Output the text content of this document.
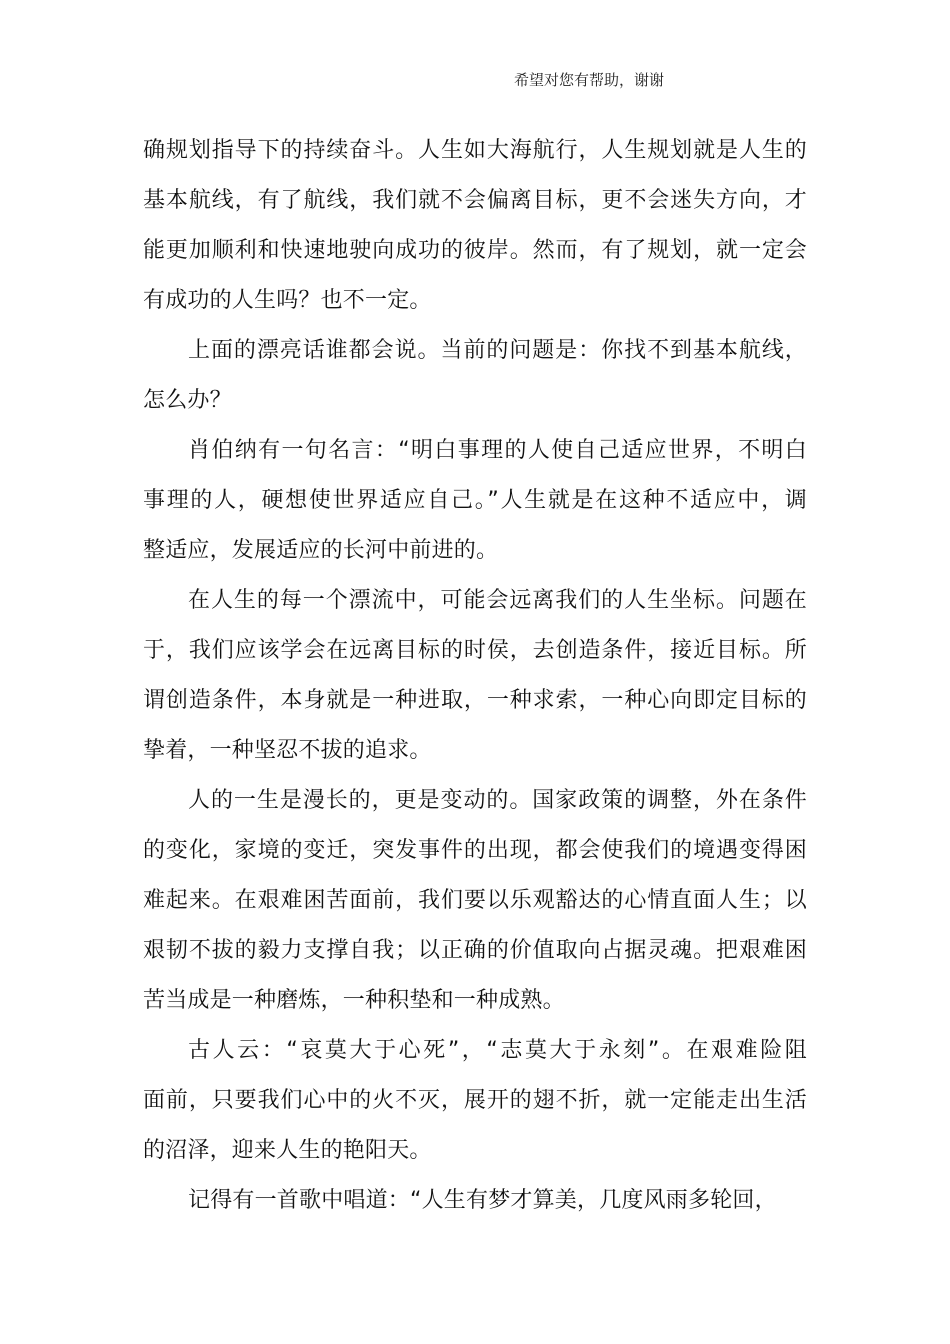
希望对您有帮助，谢谢
确规划指导下的持续奋斗。人生如大海航行，人生规划就是人生的
基本航线，有了航线，我们就不会偏离目标，更不会迷失方向，才
能更加顺利和快速地驶向成功的彼岸。然而，有了规划，就一定会
有成功的人生吗？也不一定。
上面的漂亮话谁都会说。当前的问题是：你找不到基本航线，
怎么办？
肖伯纳有一句名言：“明白事理的人使自己适应世界，不明白
事理的人，硬想使世界适应自己。”人生就是在这种不适应中，调
整适应，发展适应的长河中前进的。
在人生的每一个漂流中，可能会远离我们的人生坐标。问题在
于，我们应该学会在远离目标的时侯，去创造条件，接近目标。所
谓创造条件，本身就是一种进取，一种求索，一种心向即定目标的
挚着，一种坚忍不拔的追求。
人的一生是漫长的，更是变动的。国家政策的调整，外在条件
的变化，家境的变迁，突发事件的出现，都会使我们的境遇变得困
难起来。在艰难困苦面前，我们要以乐观豁达的心情直面人生；以
艰韧不拔的毅力支撑自我；以正确的价值取向占据灵魂。把艰难困
苦当成是一种磨炼，一种积垫和一种成熟。
古人云：“哀莫大于心死”，“志莫大于永刻”。在艰难险阻
面前，只要我们心中的火不灭，展开的翅不折，就一定能走出生活
的沼泽，迎来人生的艳阳天。
记得有一首歌中唱道：“人生有梦才算美，几度风雨多轮回，
